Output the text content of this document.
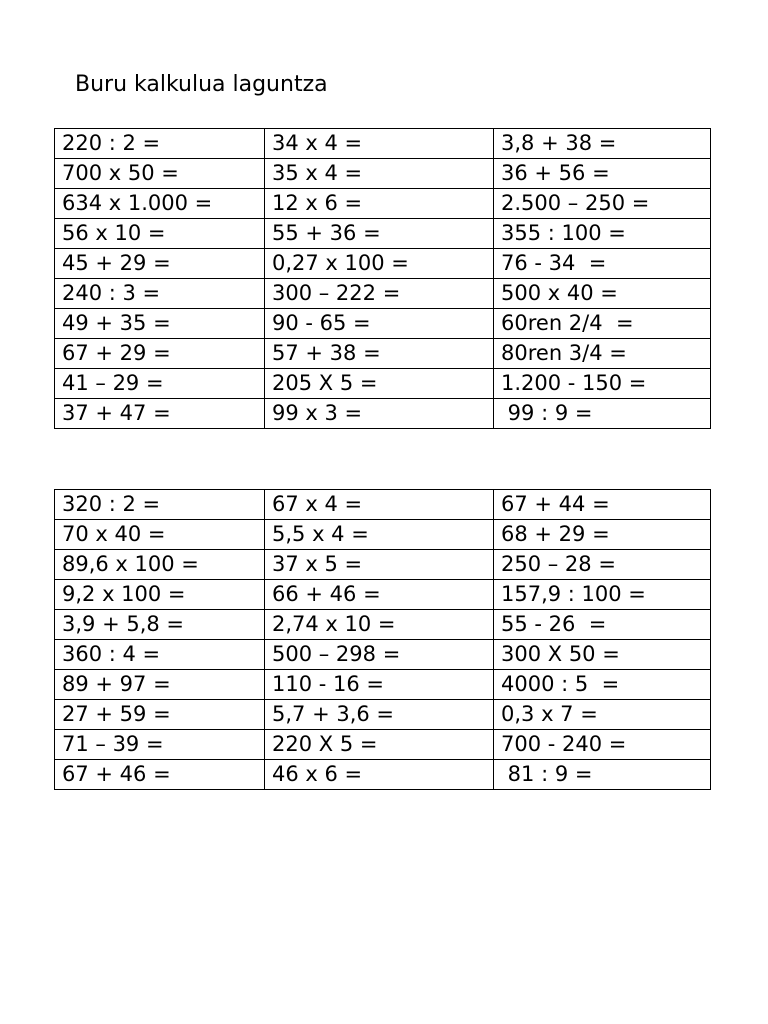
Buru kalkulua laguntza
220 : 2 =	34 x 4 =	3,8 + 38 =
700 x 50 =	35 x 4 =	36 + 56 =
634 x 1.000 =	12 x 6 =	2.500 – 250 =
56 x 10 =	55 + 36 =	355 : 100 =
45 + 29 =	0,27 x 100 =	76 - 34  =
240 : 3 =	300 – 222 =	500 x 40 =
49 + 35 =	90 - 65 =	60ren 2/4  =
67 + 29 =	57 + 38 =	80ren 3/4 =
41 – 29 =	205 X 5 =	1.200 - 150 =
37 + 47 =	99 x 3 =	99 : 9 =
320 : 2 =	67 x 4 =	67 + 44 =
70 x 40 =	5,5 x 4 =	68 + 29 =
89,6 x 100 =	37 x 5 =	250 – 28 =
9,2 x 100 =	66 + 46 =	157,9 : 100 =
3,9 + 5,8 =	2,74 x 10 =	55 - 26  =
360 : 4 =	500 – 298 =	300 X 50 =
89 + 97 =	110 - 16 =	4000 : 5  =
27 + 59 =	5,7 + 3,6 =	0,3 x 7 =
71 – 39 =	220 X 5 =	700 - 240 =
67 + 46 =	46 x 6 =	81 : 9 =
